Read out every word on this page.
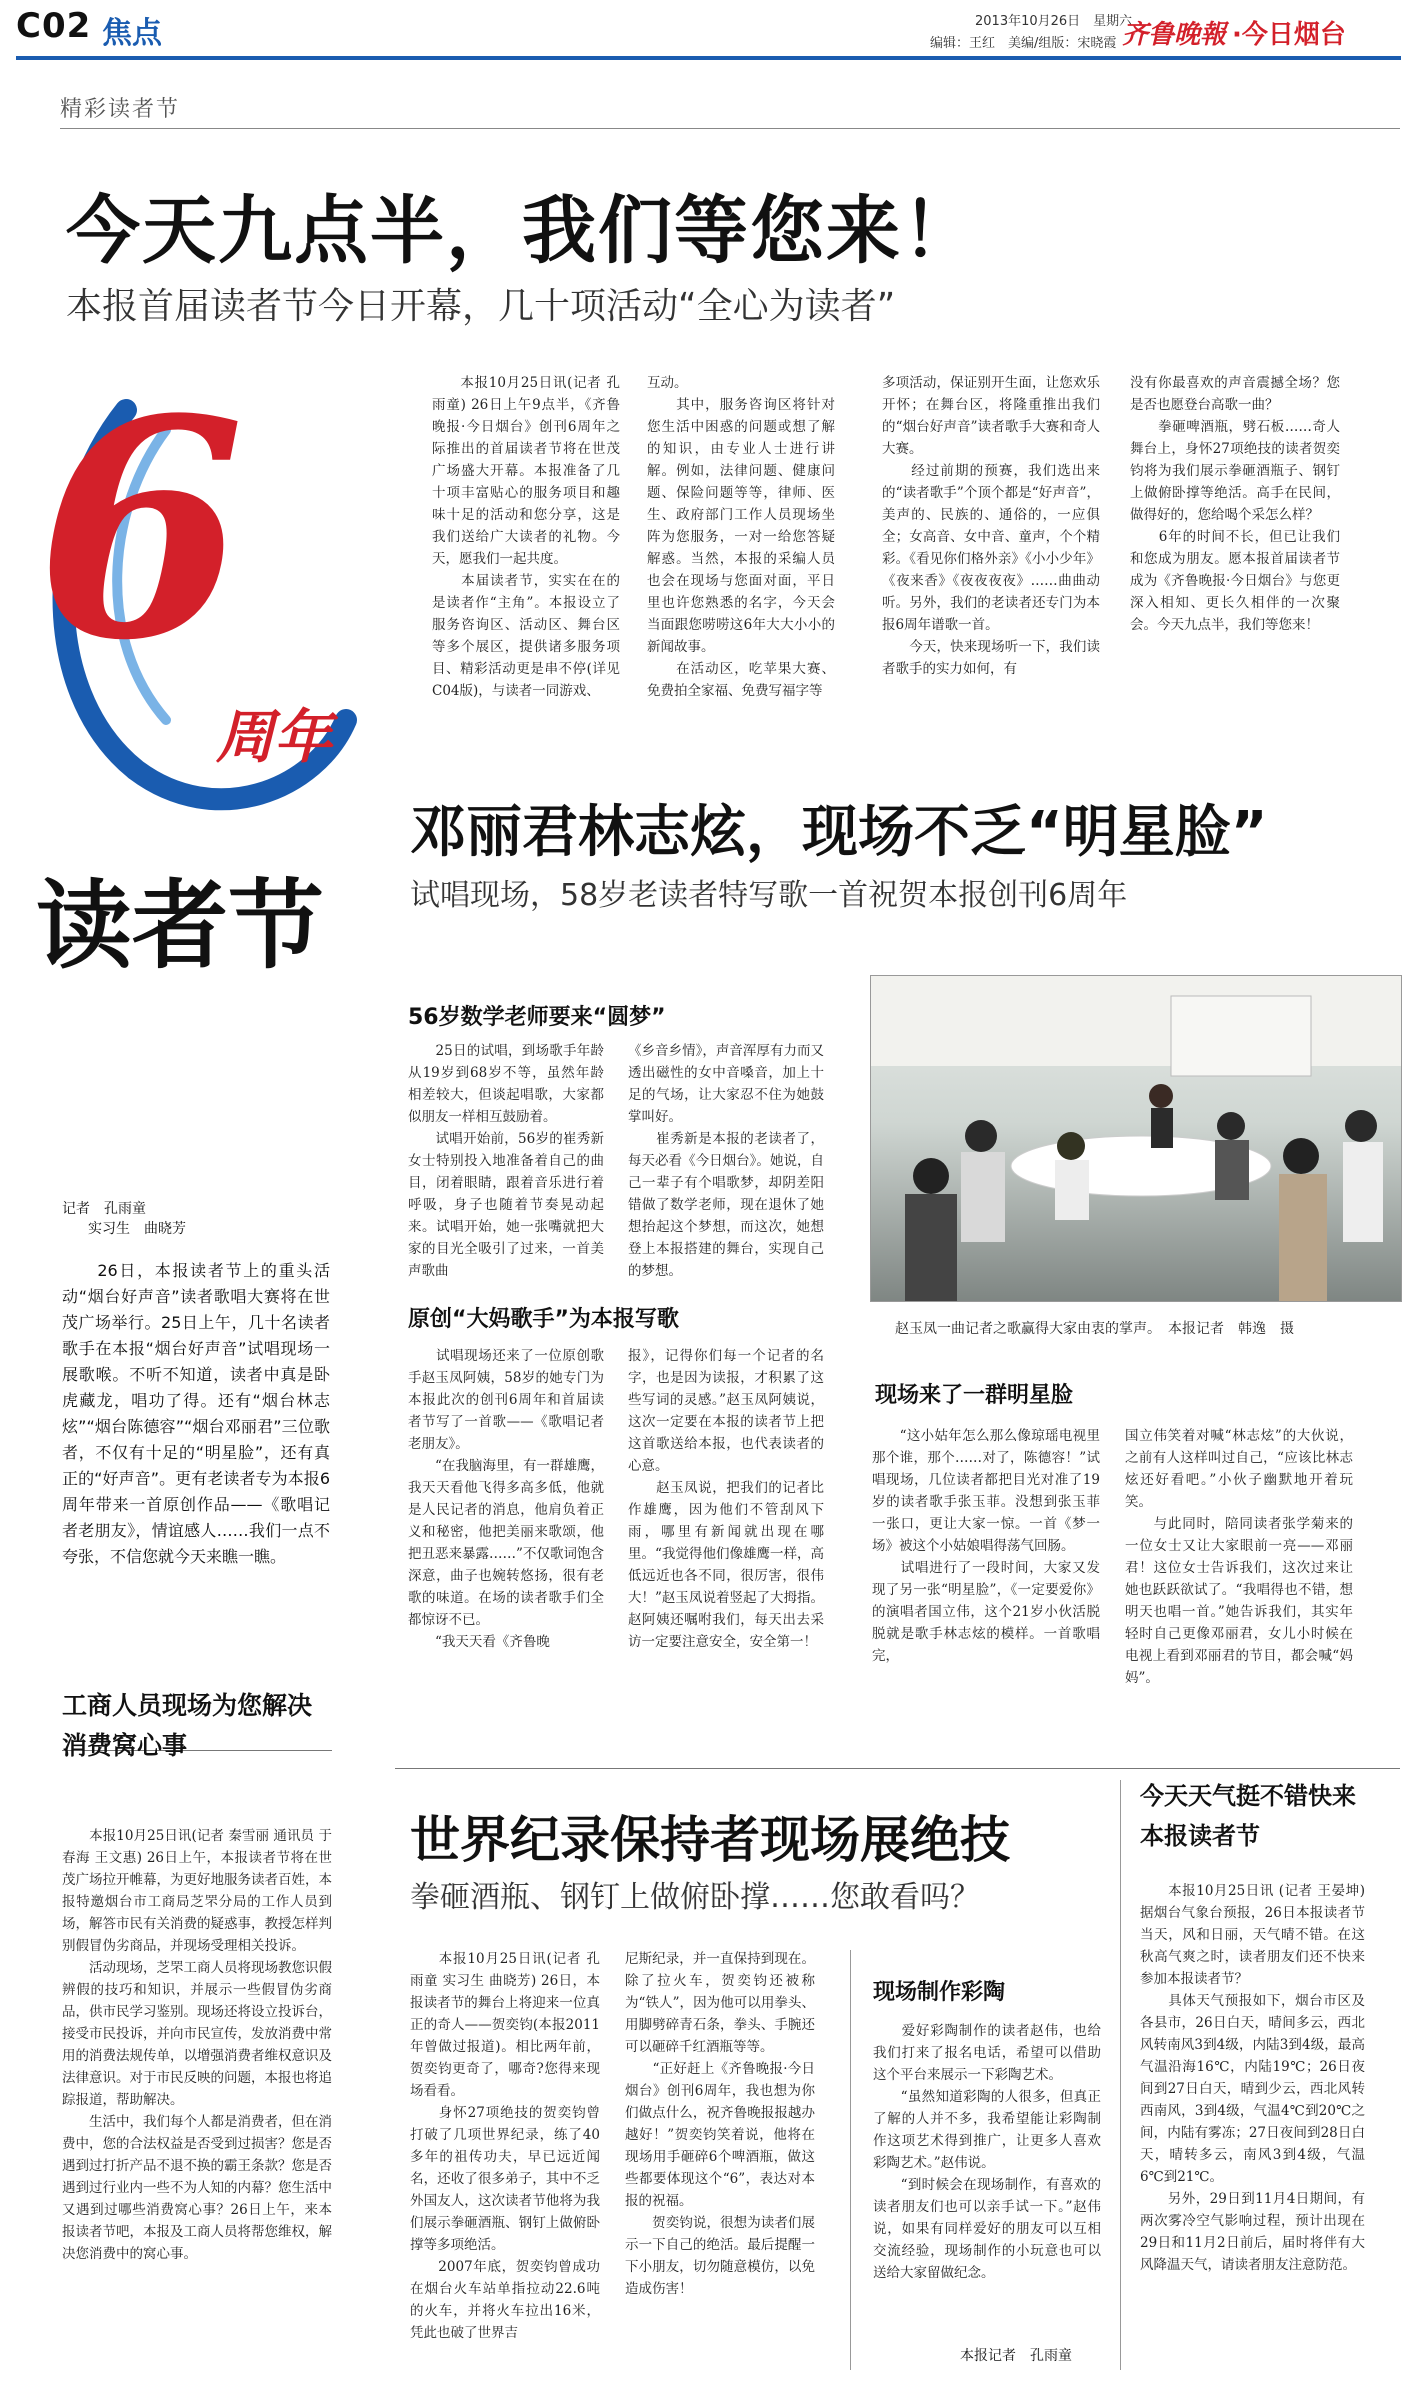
C02 焦点	2013年10月26日　星期六
编辑：王红　美编/组版：宋晓霞 齐鲁晚報 ·今日烟台
精彩读者节
今天九点半，我们等您来！
本报首届读者节今日开幕，几十项活动“全心为读者”
6
周年
读者节
　　本报10月25日讯(记者 孔雨童) 26日上午9点半，《齐鲁晚报·今日烟台》创刊6周年之际推出的首届读者节将在世茂广场盛大开幕。本报准备了几十项丰富贴心的服务项目和趣味十足的活动和您分享，这是我们送给广大读者的礼物。今天，愿我们一起共度。
　　本届读者节，实实在在的是读者作“主角”。本报设立了服务咨询区、活动区、舞台区等多个展区，提供诸多服务项目、精彩活动更是串不停(详见C04版)，与读者一同游戏、
互动。
　　其中，服务咨询区将针对您生活中困惑的问题或想了解的知识，由专业人士进行讲解。例如，法律问题、健康问题、保险问题等等，律师、医生、政府部门工作人员现场坐阵为您服务，一对一给您答疑解惑。当然，本报的采编人员也会在现场与您面对面，平日里也许您熟悉的名字，今天会当面跟您唠唠这6年大大小小的新闻故事。
　　在活动区，吃苹果大赛、免费拍全家福、免费写福字等
多项活动，保证别开生面，让您欢乐开怀；在舞台区，将隆重推出我们的“烟台好声音”读者歌手大赛和奇人大赛。
　　经过前期的预赛，我们选出来的“读者歌手”个顶个都是“好声音”，美声的、民族的、通俗的，一应俱全；女高音、女中音、童声，个个精彩。《看见你们格外亲》《小小少年》《夜来香》《夜夜夜夜》……曲曲动听。另外，我们的老读者还专门为本报6周年谱歌一首。
　　今天，快来现场听一下，我们读者歌手的实力如何，有
没有你最喜欢的声音震撼全场？您是否也愿登台高歌一曲？
　　拳砸啤酒瓶，劈石板……奇人舞台上，身怀27项绝技的读者贺奕钧将为我们展示拳砸酒瓶子、钢钉上做俯卧撑等绝活。高手在民间，做得好的，您给喝个采怎么样？
　　6年的时间不长，但已让我们和您成为朋友。愿本报首届读者节成为《齐鲁晚报·今日烟台》与您更深入相知、更长久相伴的一次聚会。今天九点半，我们等您来！
邓丽君林志炫，现场不乏“明星脸”
试唱现场，58岁老读者特写歌一首祝贺本报创刊6周年
记者　孔雨童
实习生　曲晓芳
　　26日，本报读者节上的重头活动“烟台好声音”读者歌唱大赛将在世茂广场举行。25日上午，几十名读者歌手在本报“烟台好声音”试唱现场一展歌喉。不听不知道，读者中真是卧虎藏龙，唱功了得。还有“烟台林志炫”“烟台陈德容”“烟台邓丽君”三位歌者，不仅有十足的“明星脸”，还有真正的“好声音”。更有老读者专为本报6周年带来一首原创作品——《歌唱记者老朋友》，情谊感人……我们一点不夸张，不信您就今天来瞧一瞧。
56岁数学老师要来“圆梦”
　　25日的试唱，到场歌手年龄从19岁到68岁不等，虽然年龄相差较大，但谈起唱歌，大家都似朋友一样相互鼓励着。
　　试唱开始前，56岁的崔秀新女士特别投入地准备着自己的曲目，闭着眼睛，跟着音乐进行着呼吸，身子也随着节奏晃动起来。试唱开始，她一张嘴就把大家的目光全吸引了过来，一首美声歌曲
《乡音乡情》，声音浑厚有力而又透出磁性的女中音嗓音，加上十足的气场，让大家忍不住为她鼓掌叫好。
　　崔秀新是本报的老读者了，每天必看《今日烟台》。她说，自己一辈子有个唱歌梦，却阴差阳错做了数学老师，现在退休了她想抬起这个梦想，而这次，她想登上本报搭建的舞台，实现自己的梦想。
原创“大妈歌手”为本报写歌
　　试唱现场还来了一位原创歌手赵玉凤阿姨，58岁的她专门为本报此次的创刊6周年和首届读者节写了一首歌——《歌唱记者老朋友》。
　　“在我脑海里，有一群雄鹰，我天天看他飞得多高多低，他就是人民记者的消息，他肩负着正义和秘密，他把美丽来歌颂，他把丑恶来暴露……”不仅歌词饱含深意，曲子也婉转悠扬，很有老歌的味道。在场的读者歌手们全都惊讶不已。
　　“我天天看《齐鲁晚
报》，记得你们每一个记者的名字，也是因为读报，才积累了这些写词的灵感。”赵玉凤阿姨说，这次一定要在本报的读者节上把这首歌送给本报，也代表读者的心意。
　　赵玉凤说，把我们的记者比作雄鹰，因为他们不管刮风下雨，哪里有新闻就出现在哪里。“我觉得他们像雄鹰一样，高低远近也各不同，很厉害，很伟大！”赵玉凤说着竖起了大拇指。赵阿姨还嘱咐我们，每天出去采访一定要注意安全，安全第一！
赵玉凤一曲记者之歌赢得大家由衷的掌声。　本报记者　韩逸　摄
现场来了一群明星脸
　　“这小姑年怎么那么像琼瑶电视里那个谁，那个……对了，陈德容！”试唱现场，几位读者都把目光对准了19岁的读者歌手张玉菲。没想到张玉菲一张口，更让大家一惊。一首《梦一场》被这个小姑娘唱得荡气回肠。
　　试唱进行了一段时间，大家又发现了另一张“明星脸”，《一定要爱你》的演唱者国立伟，这个21岁小伙活脱脱就是歌手林志炫的模样。一首歌唱完，
国立伟笑着对喊“林志炫”的大伙说，之前有人这样叫过自己，“应该比林志炫还好看吧。”小伙子幽默地开着玩笑。
　　与此同时，陪同读者张学菊来的一位女士又让大家眼前一亮——邓丽君！这位女士告诉我们，这次过来让她也跃跃欲试了。“我唱得也不错，想明天也唱一首。”她告诉我们，其实年轻时自己更像邓丽君，女儿小时候在电视上看到邓丽君的节目，都会喊“妈妈”。
工商人员现场为您解决消费窝心事
　　本报10月25日讯(记者 秦雪丽 通讯员 于春海 王文惠) 26日上午，本报读者节将在世茂广场拉开帷幕，为更好地服务读者百姓，本报特邀烟台市工商局芝罘分局的工作人员到场，解答市民有关消费的疑惑事，教授怎样判别假冒伪劣商品，并现场受理相关投诉。
　　活动现场，芝罘工商人员将现场教您识假辨假的技巧和知识，并展示一些假冒伪劣商品，供市民学习鉴别。现场还将设立投诉台，接受市民投诉，并向市民宣传，发放消费中常用的消费法规传单，以增强消费者维权意识及法律意识。对于市民反映的问题，本报也将追踪报道，帮助解决。
　　生活中，我们每个人都是消费者，但在消费中，您的合法权益是否受到过损害？您是否遇到过打折产品不退不换的霸王条款？您是否遇到过行业内一些不为人知的内幕？您生活中又遇到过哪些消费窝心事？26日上午，来本报读者节吧，本报及工商人员将帮您维权，解决您消费中的窝心事。
世界纪录保持者现场展绝技
拳砸酒瓶、钢钉上做俯卧撑……您敢看吗？
　　本报10月25日讯(记者 孔雨童 实习生 曲晓芳) 26日，本报读者节的舞台上将迎来一位真正的奇人——贺奕钧(本报2011年曾做过报道)。相比两年前，贺奕钧更奇了，哪奇?您得来现场看看。
　　身怀27项绝技的贺奕钧曾打破了几项世界纪录，练了40多年的祖传功夫，早已远近闻名，还收了很多弟子，其中不乏外国友人，这次读者节他将为我们展示拳砸酒瓶、钢钉上做俯卧撑等多项绝活。
　　2007年底，贺奕钧曾成功在烟台火车站单指拉动22.6吨的火车，并将火车拉出16米，凭此也破了世界吉
尼斯纪录，并一直保持到现在。除了拉火车，贺奕钧还被称为“铁人”，因为他可以用拳头、用脚劈碎青石条，拳头、手腕还可以砸碎千红酒瓶等等。
　　“正好赶上《齐鲁晚报·今日烟台》创刊6周年，我也想为你们做点什么，祝齐鲁晚报报越办越好！”贺奕钧笑着说，他将在现场用手砸碎6个啤酒瓶，做这些都要体现这个“6”，表达对本报的祝福。
　　贺奕钧说，很想为读者们展示一下自己的绝活。最后提醒一下小朋友，切勿随意模仿，以免造成伤害！
现场制作彩陶
　　爱好彩陶制作的读者赵伟，也给我们打来了报名电话，希望可以借助这个平台来展示一下彩陶艺术。
　　“虽然知道彩陶的人很多，但真正了解的人并不多，我希望能让彩陶制作这项艺术得到推广，让更多人喜欢彩陶艺术。”赵伟说。
　　“到时候会在现场制作，有喜欢的读者朋友们也可以亲手试一下。”赵伟说，如果有同样爱好的朋友可以互相交流经验，现场制作的小玩意也可以送给大家留做纪念。
本报记者　孔雨童
今天天气挺不错快来本报读者节
　　本报10月25日讯 (记者 王晏坤) 据烟台气象台预报，26日本报读者节当天，风和日丽，天气晴不错。在这秋高气爽之时，读者朋友们还不快来参加本报读者节？
　　具体天气预报如下，烟台市区及各县市，26日白天，晴间多云，西北风转南风3到4级，内陆3到4级，最高气温沿海16℃，内陆19℃；26日夜间到27日白天，晴到少云，西北风转西南风，3到4级，气温4℃到20℃之间，内陆有雾冻；27日夜间到28日白天，晴转多云，南风3到4级，气温6℃到21℃。
　　另外，29日到11月4日期间，有两次雾冷空气影响过程，预计出现在29日和11月2日前后，届时将伴有大风降温天气，请读者朋友注意防范。
